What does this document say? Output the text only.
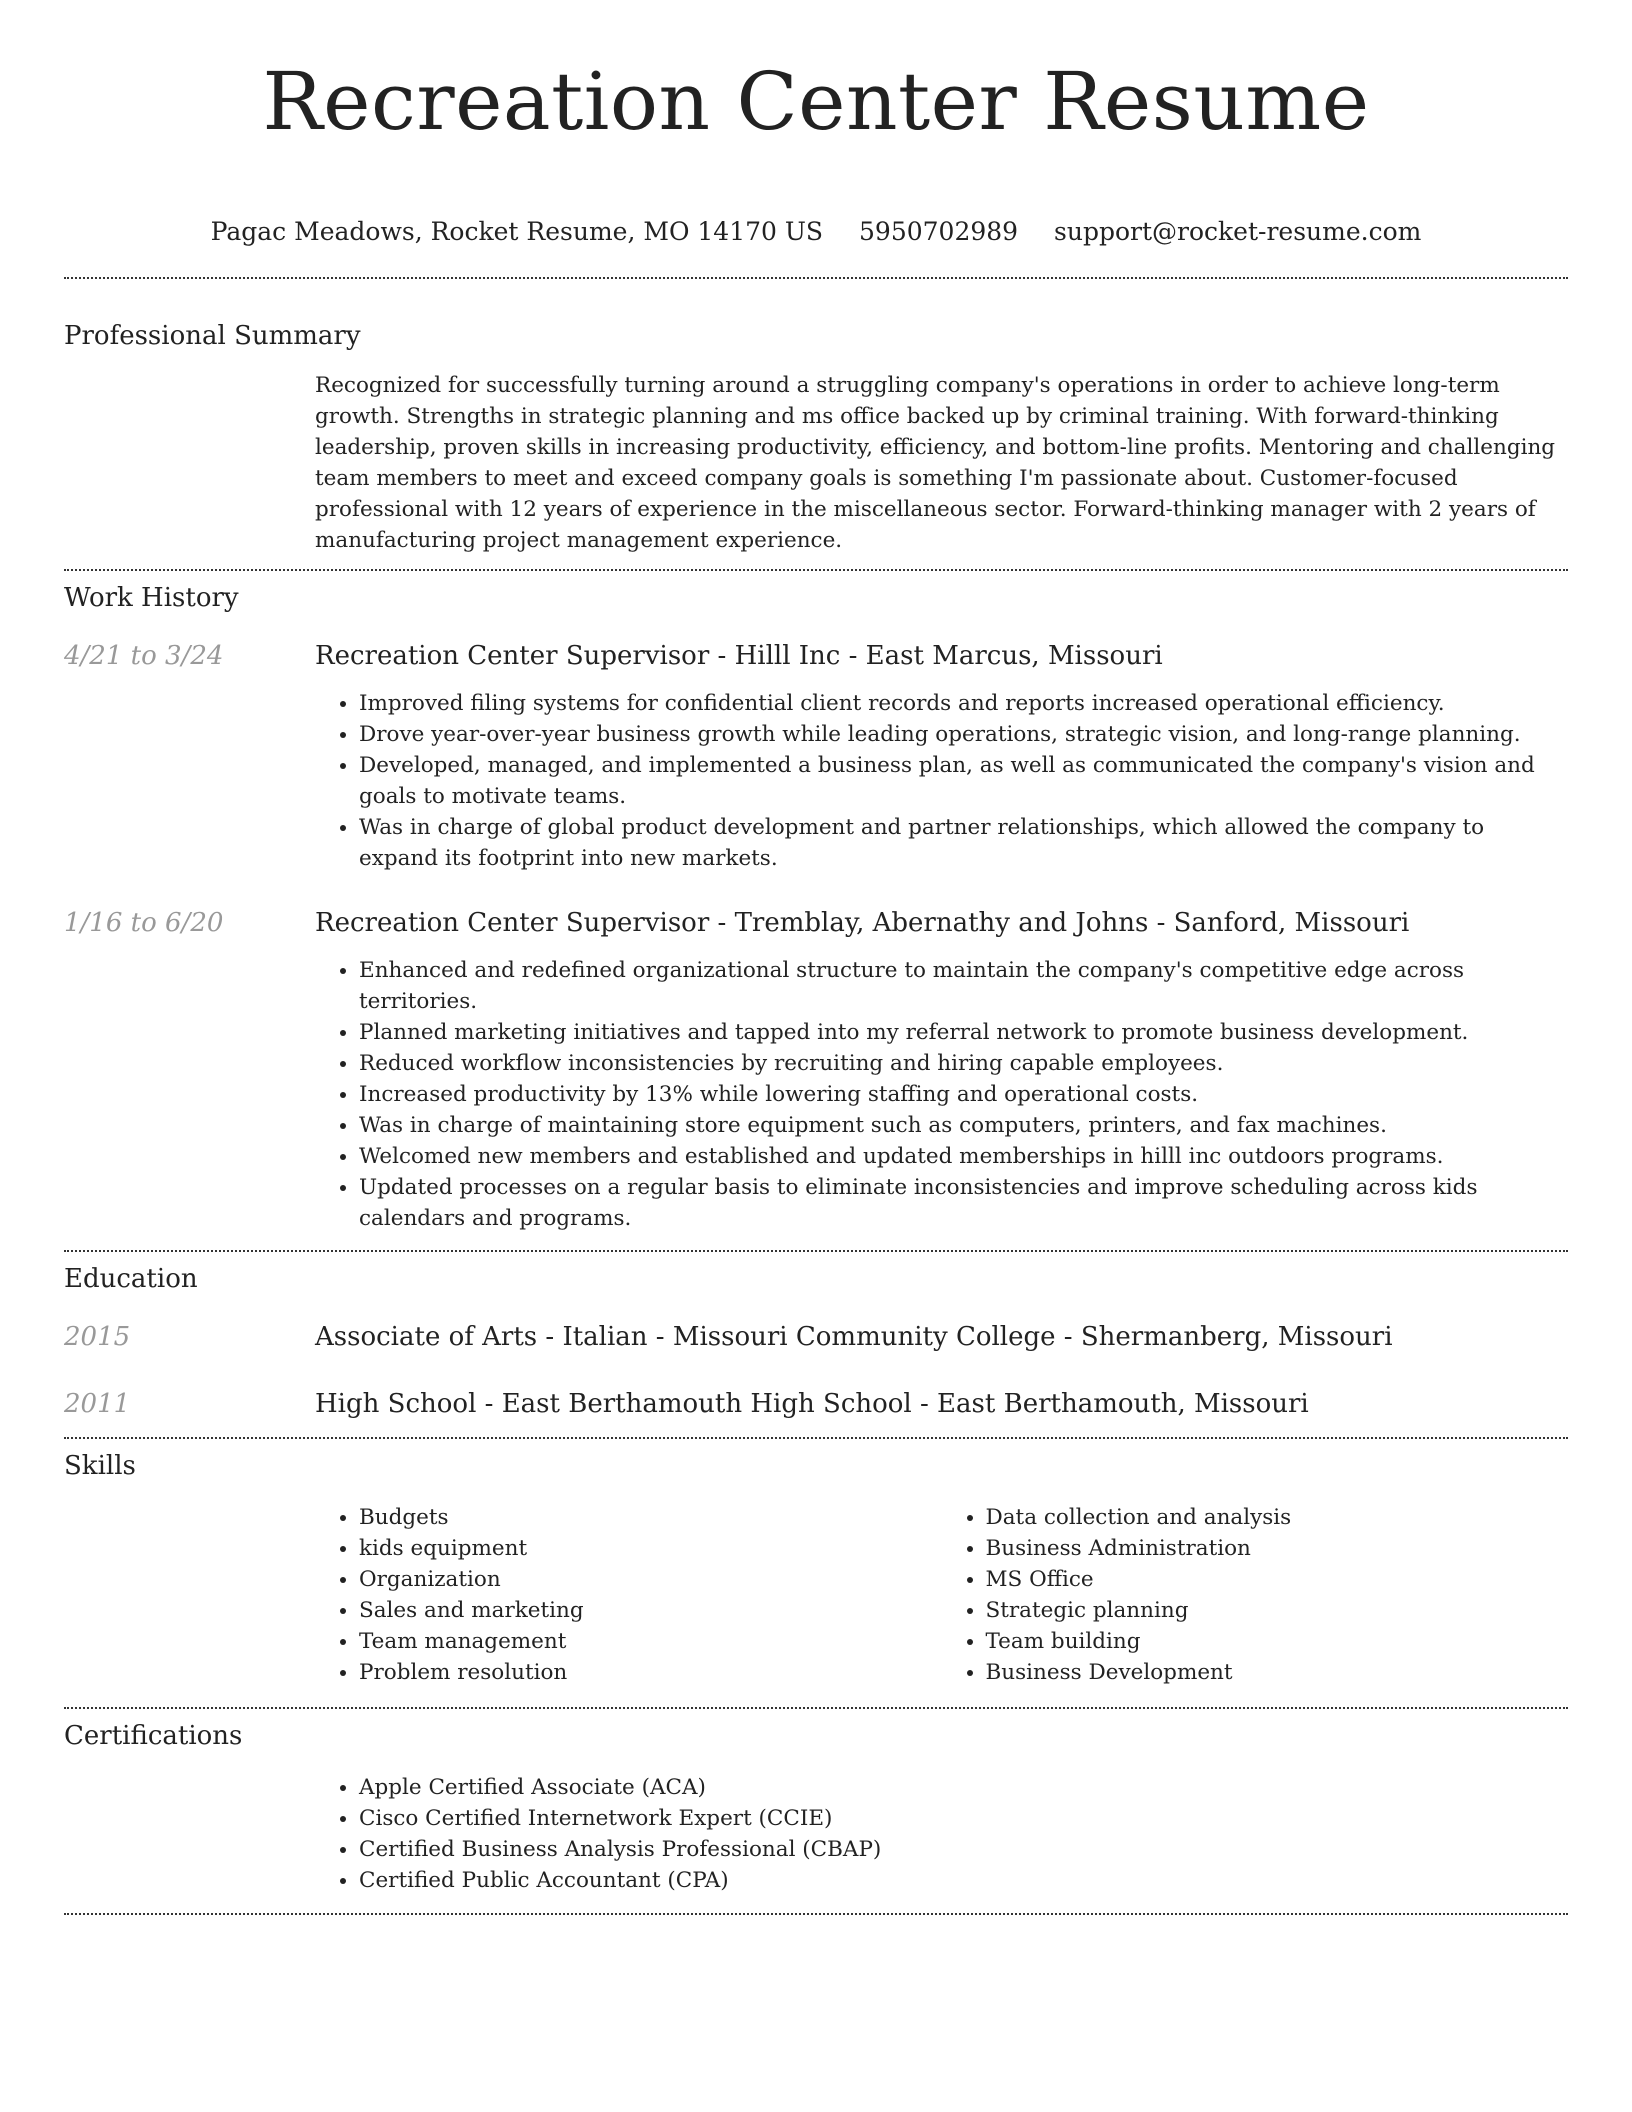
Recreation Center Resume
Pagac Meadows, Rocket Resume, MO 14170 US 5950702989 support@rocket-resume.com
Professional Summary

Recognized for successfully turning around a struggling company's operations in order to achieve long-term growth. Strengths in strategic planning and ms office backed up by criminal training. With forward-thinking leadership, proven skills in increasing productivity, efficiency, and bottom-line profits. Mentoring and challenging team members to meet and exceed company goals is something I'm passionate about. Customer-focused professional with 12 years of experience in the miscellaneous sector. Forward-thinking manager with 2 years of manufacturing project management experience.

Work History
4/21 to 3/24	Recreation Center Supervisor - Hilll Inc - East Marcus, Missouri
• Improved filing systems for confidential client records and reports increased operational efficiency.
• Drove year-over-year business growth while leading operations, strategic vision, and long-range planning.
• Developed, managed, and implemented a business plan, as well as communicated the company's vision and goals to motivate teams.
• Was in charge of global product development and partner relationships, which allowed the company to expand its footprint into new markets.
1/16 to 6/20	Recreation Center Supervisor - Tremblay, Abernathy and Johns - Sanford, Missouri
• Enhanced and redefined organizational structure to maintain the company's competitive edge across territories.
• Planned marketing initiatives and tapped into my referral network to promote business development.
• Reduced workflow inconsistencies by recruiting and hiring capable employees.
• Increased productivity by 13% while lowering staffing and operational costs.
• Was in charge of maintaining store equipment such as computers, printers, and fax machines.
• Welcomed new members and established and updated memberships in hilll inc outdoors programs.
• Updated processes on a regular basis to eliminate inconsistencies and improve scheduling across kids calendars and programs.
Education
2015	Associate of Arts - Italian - Missouri Community College - Shermanberg, Missouri
2011	High School - East Berthamouth High School - East Berthamouth, Missouri
Skills
• Budgets
• kids equipment
• Organization
• Sales and marketing
• Team management
• Problem resolution
• Data collection and analysis
• Business Administration
• MS Office
• Strategic planning
• Team building
• Business Development
Certifications
• Apple Certified Associate (ACA)
• Cisco Certified Internetwork Expert (CCIE)
• Certified Business Analysis Professional (CBAP)
• Certified Public Accountant (CPA)
